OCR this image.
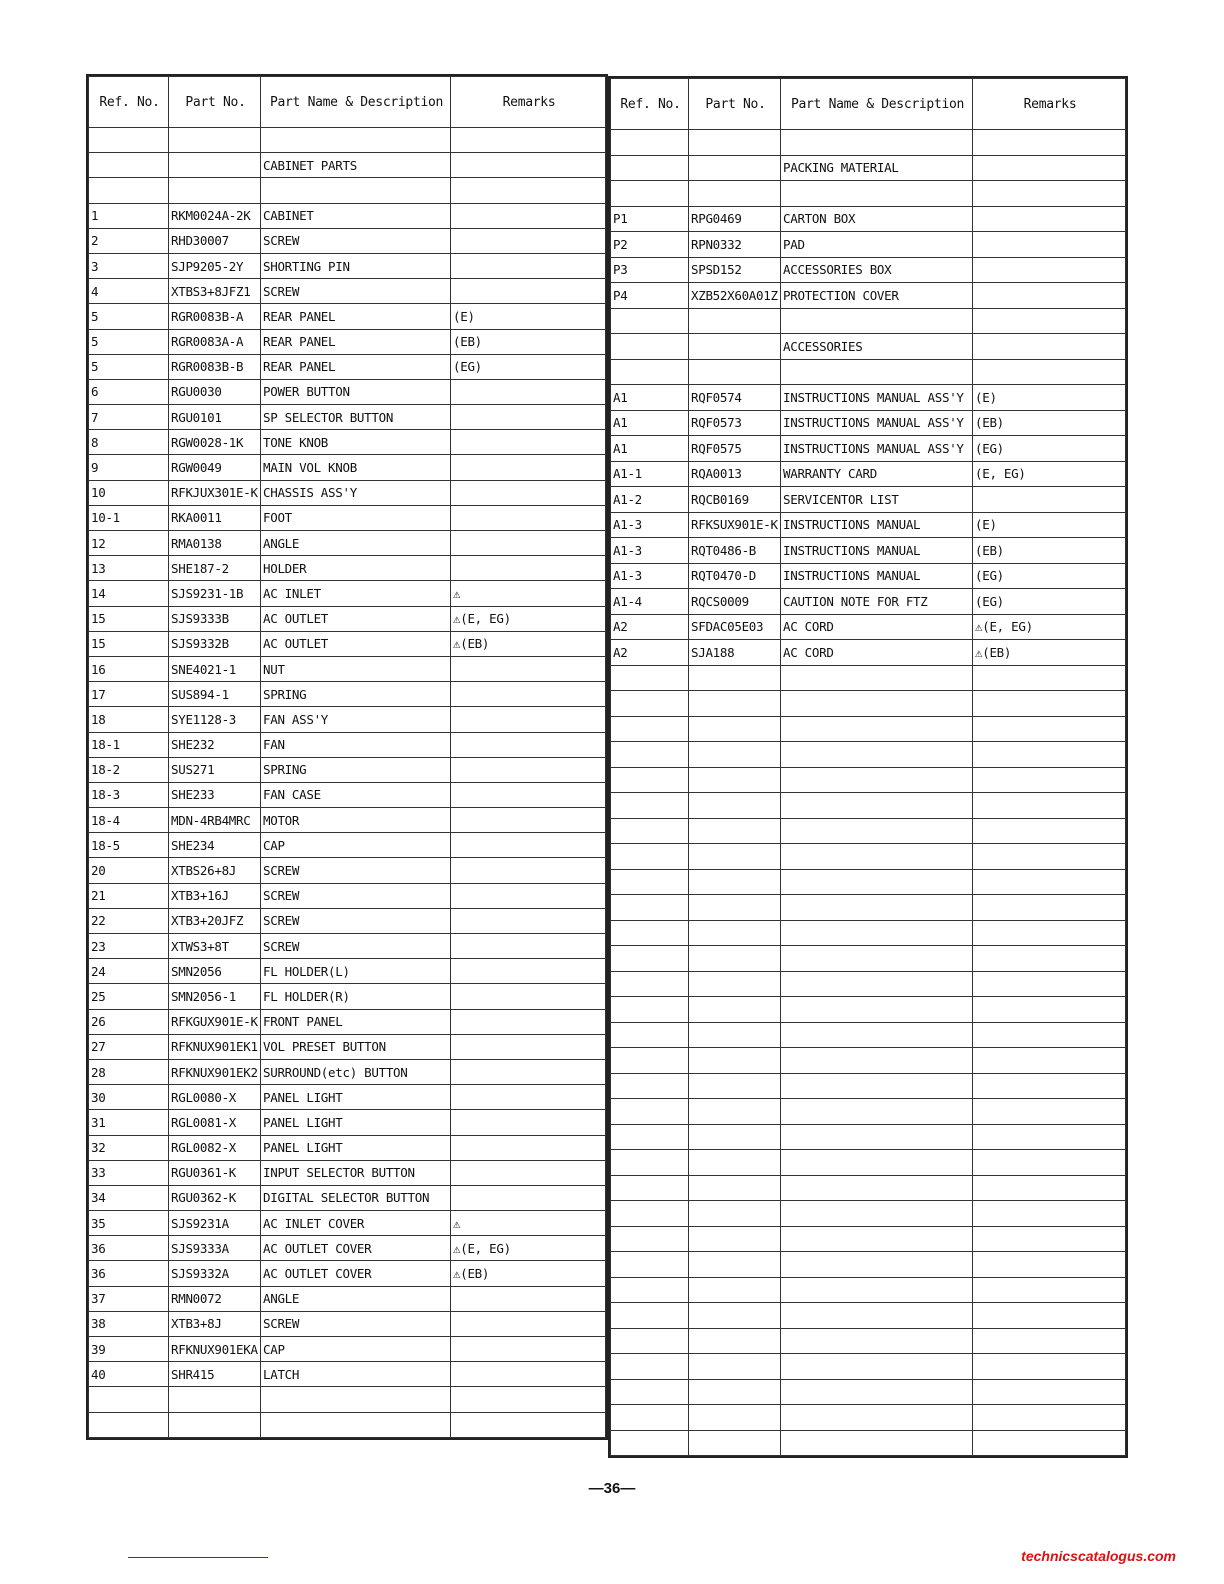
Ref. No.	Part No.	Part Name & Description	Remarks

		CABINET PARTS	

1	RKM0024A-2K	CABINET	
2	RHD30007	SCREW	
3	SJP9205-2Y	SHORTING PIN	
4	XTBS3+8JFZ1	SCREW	
5	RGR0083B-A	REAR PANEL	(E)
5	RGR0083A-A	REAR PANEL	(EB)
5	RGR0083B-B	REAR PANEL	(EG)
6	RGU0030	POWER BUTTON	
7	RGU0101	SP SELECTOR BUTTON	
8	RGW0028-1K	TONE KNOB	
9	RGW0049	MAIN VOL KNOB	
10	RFKJUX301E-K	CHASSIS ASS'Y	
10-1	RKA0011	FOOT	
12	RMA0138	ANGLE	
13	SHE187-2	HOLDER	
14	SJS9231-1B	AC INLET	⚠
15	SJS9333B	AC OUTLET	⚠(E, EG)
15	SJS9332B	AC OUTLET	⚠(EB)
16	SNE4021-1	NUT	
17	SUS894-1	SPRING	
18	SYE1128-3	FAN ASS'Y	
18-1	SHE232	FAN	
18-2	SUS271	SPRING	
18-3	SHE233	FAN CASE	
18-4	MDN-4RB4MRC	MOTOR	
18-5	SHE234	CAP	
20	XTBS26+8J	SCREW	
21	XTB3+16J	SCREW	
22	XTB3+20JFZ	SCREW	
23	XTWS3+8T	SCREW	
24	SMN2056	FL HOLDER(L)	
25	SMN2056-1	FL HOLDER(R)	
26	RFKGUX901E-K	FRONT PANEL	
27	RFKNUX901EK1	VOL PRESET BUTTON	
28	RFKNUX901EK2	SURROUND(etc) BUTTON	
30	RGL0080-X	PANEL LIGHT	
31	RGL0081-X	PANEL LIGHT	
32	RGL0082-X	PANEL LIGHT	
33	RGU0361-K	INPUT SELECTOR BUTTON	
34	RGU0362-K	DIGITAL SELECTOR BUTTON	
35	SJS9231A	AC INLET COVER	⚠
36	SJS9333A	AC OUTLET COVER	⚠(E, EG)
36	SJS9332A	AC OUTLET COVER	⚠(EB)
37	RMN0072	ANGLE	
38	XTB3+8J	SCREW	
39	RFKNUX901EKA	CAP	
40	SHR415	LATCH	

Ref. No.	Part No.	Part Name & Description	Remarks

		PACKING MATERIAL	

P1	RPG0469	CARTON BOX	
P2	RPN0332	PAD	
P3	SPSD152	ACCESSORIES BOX	
P4	XZB52X60A01Z	PROTECTION COVER	

		ACCESSORIES	

A1	RQF0574	INSTRUCTIONS MANUAL ASS'Y	(E)
A1	RQF0573	INSTRUCTIONS MANUAL ASS'Y	(EB)
A1	RQF0575	INSTRUCTIONS MANUAL ASS'Y	(EG)
A1-1	RQA0013	WARRANTY CARD	(E, EG)
A1-2	RQCB0169	SERVICENTOR LIST	
A1-3	RFKSUX901E-K	INSTRUCTIONS MANUAL	(E)
A1-3	RQT0486-B	INSTRUCTIONS MANUAL	(EB)
A1-3	RQT0470-D	INSTRUCTIONS MANUAL	(EG)
A1-4	RQCS0009	CAUTION NOTE FOR FTZ	(EG)
A2	SFDAC05E03	AC CORD	⚠(E, EG)
A2	SJA188	AC CORD	⚠(EB)

—36—
technicscatalogus.com
